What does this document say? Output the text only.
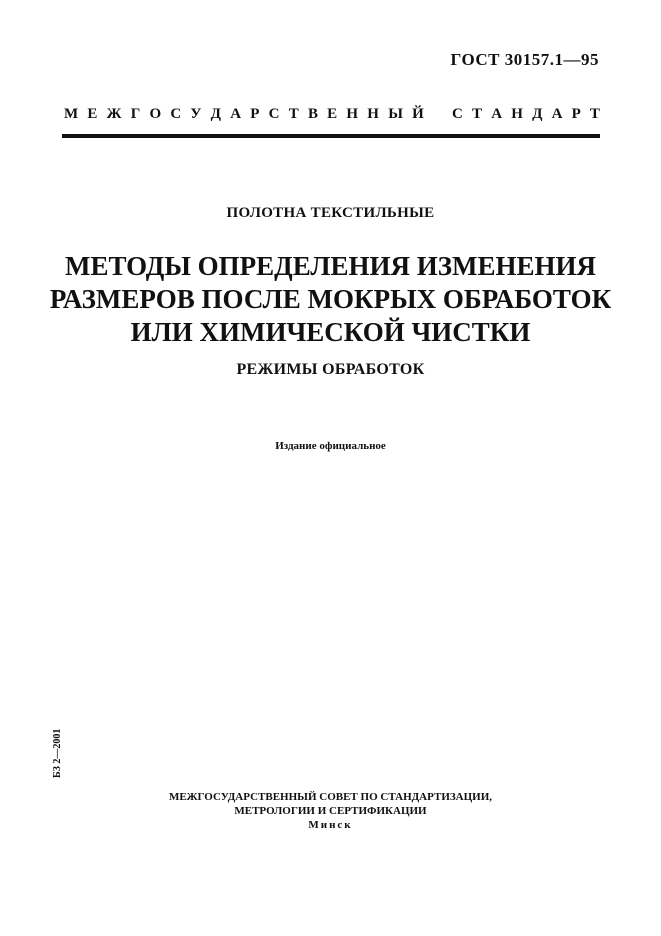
ГОСТ 30157.1—95
М Е Ж Г О С У Д А Р С Т В Е Н Н Ы Й С Т А Н Д А Р Т
ПОЛОТНА ТЕКСТИЛЬНЫЕ
МЕТОДЫ ОПРЕДЕЛЕНИЯ ИЗМЕНЕНИЯ
РАЗМЕРОВ ПОСЛЕ МОКРЫХ ОБРАБОТОК
ИЛИ ХИМИЧЕСКОЙ ЧИСТКИ
РЕЖИМЫ ОБРАБОТОК
Издание официальное
БЗ 2—2001
МЕЖГОСУДАРСТВЕННЫЙ СОВЕТ ПО СТАНДАРТИЗАЦИИ,
МЕТРОЛОГИИ И СЕРТИФИКАЦИИ
Минск
